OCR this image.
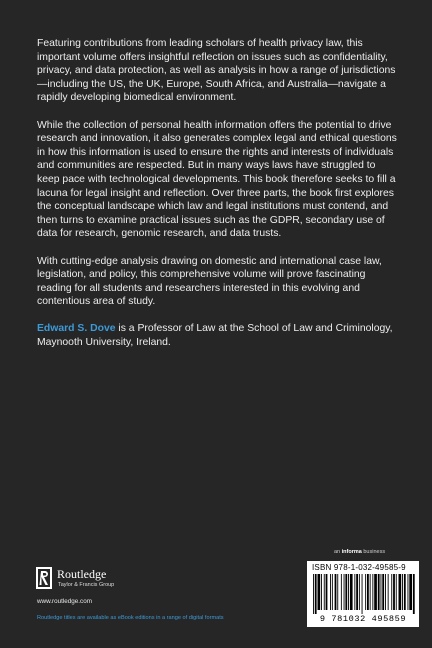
Featuring contributions from leading scholars of health privacy law, this important volume offers insightful reflection on issues such as confidentiality, privacy, and data protection, as well as analysis in how a range of jurisdictions—including the US, the UK, Europe, South Africa, and Australia—navigate a rapidly developing biomedical environment.

While the collection of personal health information offers the potential to drive research and innovation, it also generates complex legal and ethical questions in how this information is used to ensure the rights and interests of individuals and communities are respected. But in many ways laws have struggled to keep pace with technological developments. This book therefore seeks to fill a lacuna for legal insight and reflection. Over three parts, the book first explores the conceptual landscape which law and legal institutions must contend, and then turns to examine practical issues such as the GDPR, secondary use of data for research, genomic research, and data trusts.

With cutting-edge analysis drawing on domestic and international case law, legislation, and policy, this comprehensive volume will prove fascinating reading for all students and researchers interested in this evolving and contentious area of study.

Edward S. Dove is a Professor of Law at the School of Law and Criminology, Maynooth University, Ireland.

an informa business
ISBN 978-1-032-49585-9
9 781032 495859
Routledge
Taylor & Francis Group
www.routledge.com
Routledge titles are available as eBook editions in a range of digital formats
